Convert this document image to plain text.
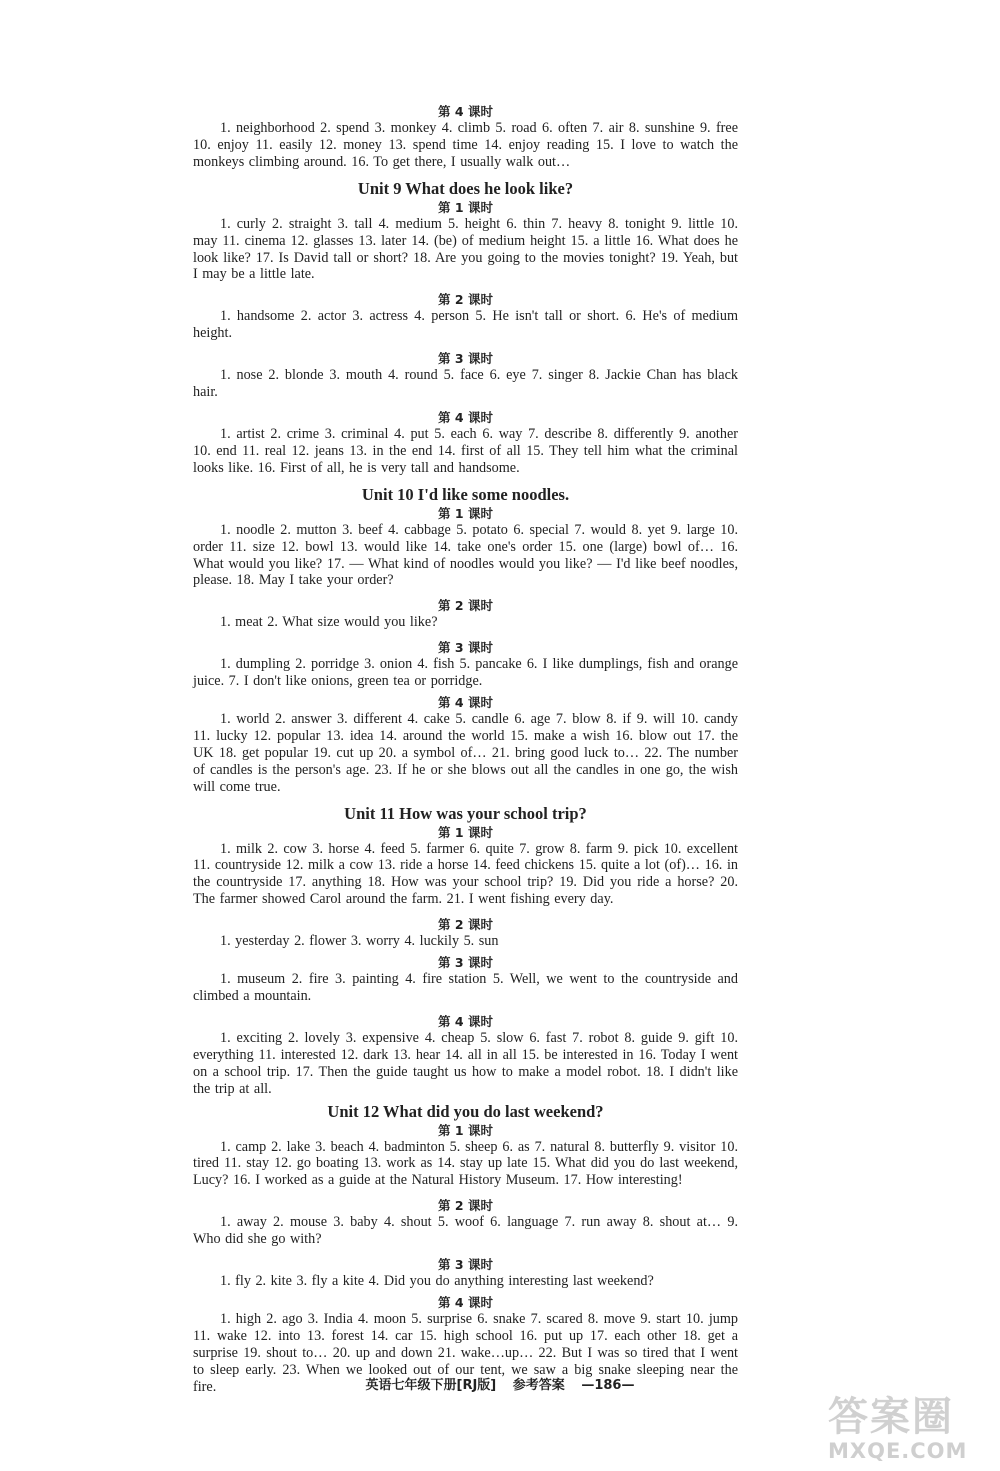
第 4 课时
1. neighborhood 2. spend 3. monkey 4. climb 5. road 6. often 7. air 8. sunshine 9. free 10. enjoy 11. easily 12. money 13. spend time 14. enjoy reading 15. I love to watch the monkeys climbing around. 16. To get there, I usually walk out…
Unit 9 What does he look like?
第 1 课时
1. curly 2. straight 3. tall 4. medium 5. height 6. thin 7. heavy 8. tonight 9. little 10. may 11. cinema 12. glasses 13. later 14. (be) of medium height 15. a little 16. What does he look like? 17. Is David tall or short? 18. Are you going to the movies tonight? 19. Yeah, but I may be a little late.
第 2 课时
1. handsome 2. actor 3. actress 4. person 5. He isn't tall or short. 6. He's of medium height.
第 3 课时
1. nose 2. blonde 3. mouth 4. round 5. face 6. eye 7. singer 8. Jackie Chan has black hair.
第 4 课时
1. artist 2. crime 3. criminal 4. put 5. each 6. way 7. describe 8. differently 9. another 10. end 11. real 12. jeans 13. in the end 14. first of all 15. They tell him what the criminal looks like. 16. First of all, he is very tall and handsome.
Unit 10 I'd like some noodles.
第 1 课时
1. noodle 2. mutton 3. beef 4. cabbage 5. potato 6. special 7. would 8. yet 9. large 10. order 11. size 12. bowl 13. would like 14. take one's order 15. one (large) bowl of… 16. What would you like? 17. — What kind of noodles would you like? — I'd like beef noodles, please. 18. May I take your order?
第 2 课时
1. meat 2. What size would you like?
第 3 课时
1. dumpling 2. porridge 3. onion 4. fish 5. pancake 6. I like dumplings, fish and orange juice. 7. I don't like onions, green tea or porridge.
第 4 课时
1. world 2. answer 3. different 4. cake 5. candle 6. age 7. blow 8. if 9. will 10. candy 11. lucky 12. popular 13. idea 14. around the world 15. make a wish 16. blow out 17. the UK 18. get popular 19. cut up 20. a symbol of… 21. bring good luck to… 22. The number of candles is the person's age. 23. If he or she blows out all the candles in one go, the wish will come true.
Unit 11 How was your school trip?
第 1 课时
1. milk 2. cow 3. horse 4. feed 5. farmer 6. quite 7. grow 8. farm 9. pick 10. excellent 11. countryside 12. milk a cow 13. ride a horse 14. feed chickens 15. quite a lot (of)… 16. in the countryside 17. anything 18. How was your school trip? 19. Did you ride a horse? 20. The farmer showed Carol around the farm. 21. I went fishing every day.
第 2 课时
1. yesterday 2. flower 3. worry 4. luckily 5. sun
第 3 课时
1. museum 2. fire 3. painting 4. fire station 5. Well, we went to the countryside and climbed a mountain.
第 4 课时
1. exciting 2. lovely 3. expensive 4. cheap 5. slow 6. fast 7. robot 8. guide 9. gift 10. everything 11. interested 12. dark 13. hear 14. all in all 15. be interested in 16. Today I went on a school trip. 17. Then the guide taught us how to make a model robot. 18. I didn't like the trip at all.
Unit 12 What did you do last weekend?
第 1 课时
1. camp 2. lake 3. beach 4. badminton 5. sheep 6. as 7. natural 8. butterfly 9. visitor 10. tired 11. stay 12. go boating 13. work as 14. stay up late 15. What did you do last weekend, Lucy? 16. I worked as a guide at the Natural History Museum. 17. How interesting!
第 2 课时
1. away 2. mouse 3. baby 4. shout 5. woof 6. language 7. run away 8. shout at… 9. Who did she go with?
第 3 课时
1. fly 2. kite 3. fly a kite 4. Did you do anything interesting last weekend?
第 4 课时
1. high 2. ago 3. India 4. moon 5. surprise 6. snake 7. scared 8. move 9. start 10. jump 11. wake 12. into 13. forest 14. car 15. high school 16. put up 17. each other 18. get a surprise 19. shout to… 20. up and down 21. wake…up… 22. But I was so tired that I went to sleep early. 23. When we looked out of our tent, we saw a big snake sleeping near the fire.	英语七年级下册[RJ版] 参考答案 —186—
答案圈
MXQE.COM
